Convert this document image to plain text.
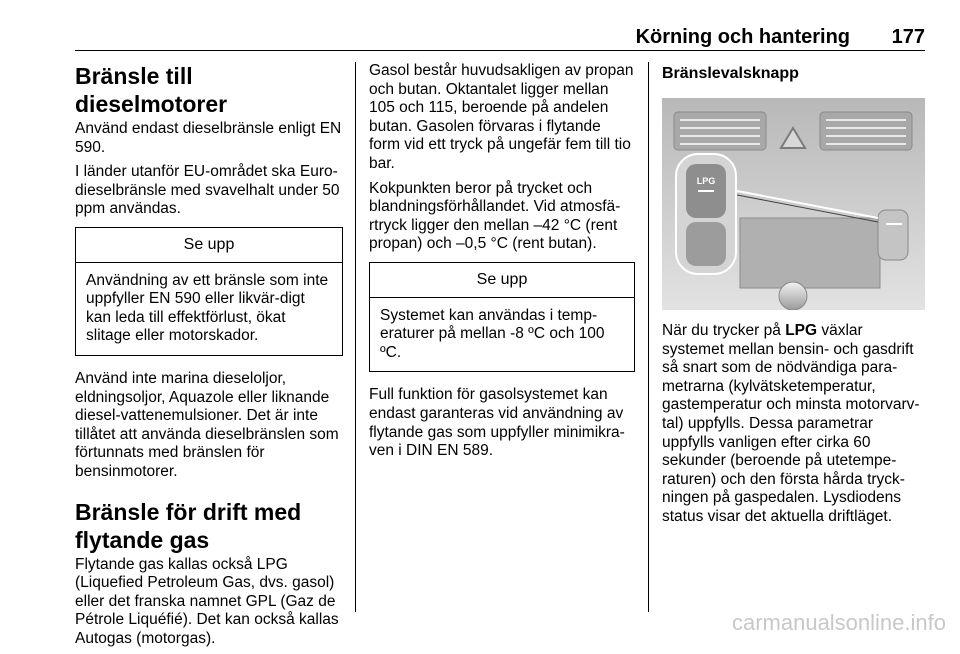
Körning och hantering 177
Bränsle till dieselmotorer

Använd endast dieselbränsle enligt EN 590.

I länder utanför EU-området ska Euro-dieselbränsle med svavelhalt under 50 ppm användas.

Se upp
Användning av ett bränsle som inte uppfyller EN 590 eller likvär-digt kan leda till effektförlust, ökat slitage eller motorskador.

Använd inte marina dieseloljor, eldningsoljor, Aquazole eller liknande diesel-vattenemulsioner. Det är inte tillåtet att använda dieselbränslen som förtunnats med bränslen för bensinmotorer.

Bränsle för drift med flytande gas

Flytande gas kallas också LPG (Liquefied Petroleum Gas, dvs. gasol) eller det franska namnet GPL (Gaz de Pétrole Liquéfié). Det kan också kallas Autogas (motorgas).

Gasol består huvudsakligen av propan och butan. Oktantalet ligger mellan 105 och 115, beroende på andelen butan. Gasolen förvaras i flytande form vid ett tryck på ungefär fem till tio bar.

Kokpunkten beror på trycket och blandningsförhållandet. Vid atmosfä-rtryck ligger den mellan –42 °C (rent propan) och –0,5 °C (rent butan).

Se upp
Systemet kan användas i temp-eraturer på mellan -8 ºC och 100 ºC.

Full funktion för gasolsystemet kan endast garanteras vid användning av flytande gas som uppfyller minimikra-ven i DIN EN 589.

Bränslevalsknapp
LPG

När du trycker på LPG växlar systemet mellan bensin- och gasdrift så snart som de nödvändiga para-metrarna (kylvätsketemperatur, gastemperatur och minsta motorvarv-tal) uppfylls. Dessa parametrar uppfylls vanligen efter cirka 60 sekunder (beroende på utetempe-raturen) och den första hårda tryck-ningen på gaspedalen. Lysdiodens status visar det aktuella driftläget.

carmanualsonline.info
